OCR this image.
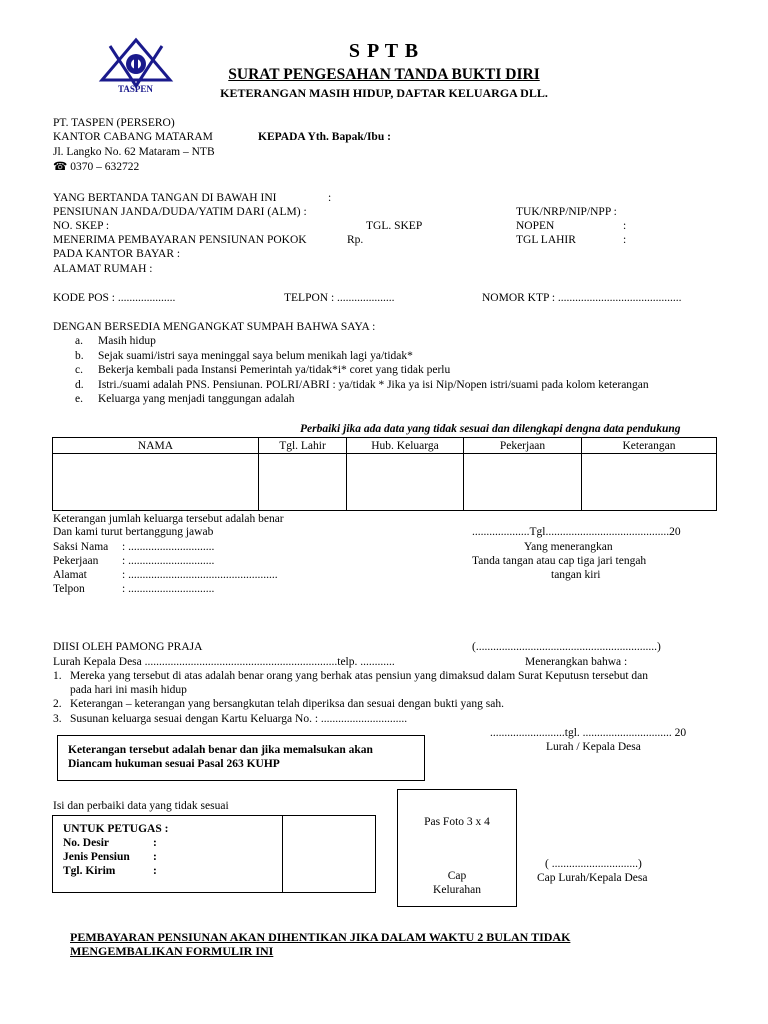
TASPEN
S P T B
SURAT PENGESAHAN TANDA BUKTI DIRI
KETERANGAN MASIH HIDUP, DAFTAR KELUARGA DLL.
PT. TASPEN (PERSERO)
KANTOR CABANG MATARAM	KEPADA Yth. Bapak/Ibu :
Jl. Langko No. 62 Mataram – NTB
☎ 0370 – 632722
YANG BERTANDA TANGAN DI BAWAH INI	:
PENSIUNAN JANDA/DUDA/YATIM DARI (ALM) :	TUK/NRP/NIP/NPP :
NO. SKEP :	TGL. SKEP	NOPEN	:
MENERIMA PEMBAYARAN PENSIUNAN POKOK	Rp.	TGL LAHIR	:
PADA KANTOR BAYAR :
ALAMAT RUMAH :
KODE POS : ....................	TELPON : ....................	NOMOR KTP : ...........................................
DENGAN BERSEDIA MENGANGKAT SUMPAH BAHWA SAYA :
a. Masih hidup
b. Sejak suami/istri saya meninggal saya belum menikah lagi ya/tidak*
c. Bekerja kembali pada Instansi Pemerintah ya/tidak*i* coret yang tidak perlu
d. Istri./suami adalah PNS. Pensiunan. POLRI/ABRI : ya/tidak * Jika ya isi Nip/Nopen istri/suami pada kolom keterangan
e. Keluarga yang menjadi tanggungan adalah
Perbaiki jika ada data yang tidak sesuai dan dilengkapi dengna data pendukung
NAMA	Tgl. Lahir	Hub. Keluarga	Pekerjaan	Keterangan

Keterangan jumlah keluarga tersebut adalah benar
Dan kami turut bertanggung jawab
Saksi Nama : ..............................
Pekerjaan : ..............................
Alamat	: ....................................................
Telpon	: ..............................
....................Tgl...........................................20
Yang menerangkan
Tanda tangan atau cap tiga jari tengah
tangan kiri
DIISI OLEH PAMONG PRAJA	(...............................................................)
Lurah Kepala Desa ...................................................................telp. ............	Menerangkan bahwa :
1. Mereka yang tersebut di atas adalah benar orang yang berhak atas pensiun yang dimaksud dalam Surat Keputusn tersebut dan
pada hari ini masih hidup
2. Keterangan – keterangan yang bersangkutan telah diperiksa dan sesuai dengan bukti yang sah.
3. Susunan keluarga sesuai dengan Kartu Keluarga No. : ..............................
..........................tgl. ............................... 20
Lurah / Kepala Desa
Keterangan tersebut adalah benar dan jika memalsukan akan
Diancam hukuman sesuai Pasal 263 KUHP
Isi dan perbaiki data yang tidak sesuai
UNTUK PETUGAS :
No. Desir	:
Jenis Pensiun :
Tgl. Kirim	:
Pas Foto 3 x 4
Cap
Kelurahan
( ..............................)
Cap Lurah/Kepala Desa
PEMBAYARAN PENSIUNAN AKAN DIHENTIKAN JIKA DALAM WAKTU 2 BULAN TIDAK
MENGEMBALIKAN FORMULIR INI
